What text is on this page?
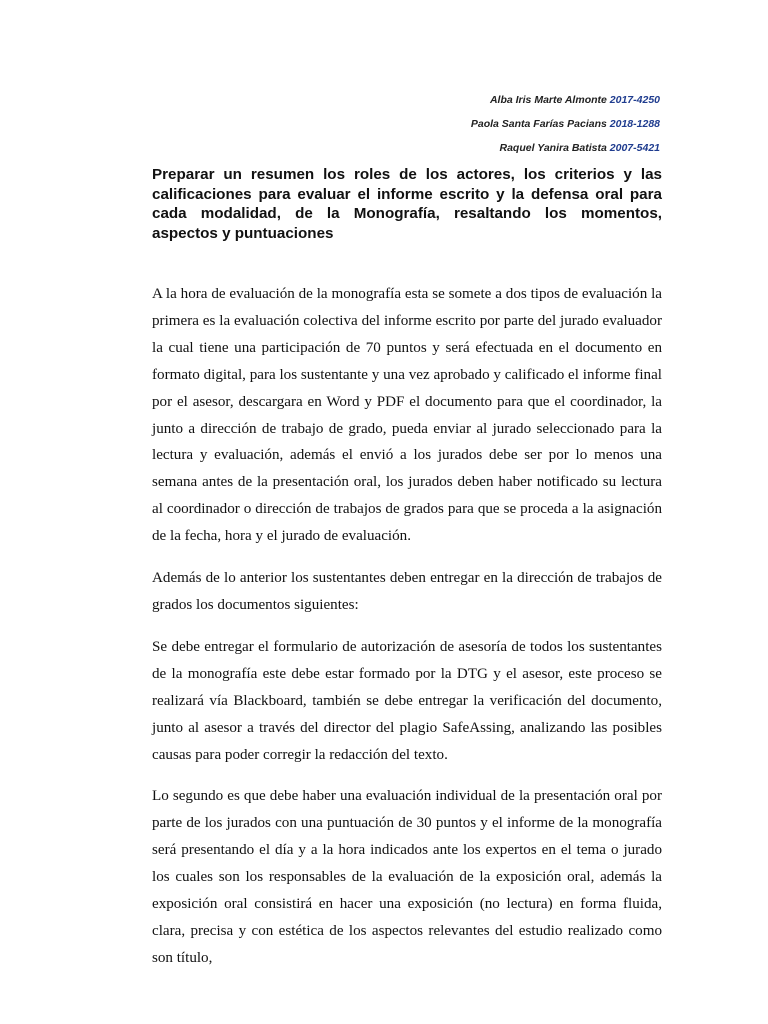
Alba Iris Marte Almonte 2017-4250
Paola Santa Farías Pacians 2018-1288
Raquel Yanira Batista 2007-5421
Preparar un resumen los roles de los actores, los criterios y las calificaciones para evaluar el informe escrito y la defensa oral para cada modalidad, de la Monografía, resaltando los momentos, aspectos y puntuaciones

A la hora de evaluación de la monografía esta se somete a dos tipos de evaluación la primera es la evaluación colectiva del informe escrito por parte del jurado evaluador la cual tiene una participación de 70 puntos y será efectuada en el documento en formato digital, para los sustentante y una vez aprobado y calificado el informe final por el asesor, descargara en Word y PDF el documento para que el coordinador, la junto a dirección de trabajo de grado, pueda enviar al jurado seleccionado para la lectura y evaluación, además el envió a los jurados debe ser por lo menos una semana antes de la presentación oral, los jurados deben haber notificado su lectura al coordinador o dirección de trabajos de grados para que se proceda a la asignación de la fecha, hora y el jurado de evaluación.

Además de lo anterior los sustentantes deben entregar en la dirección de trabajos de grados los documentos siguientes:

Se debe entregar el formulario de autorización de asesoría de todos los sustentantes de la monografía este debe estar formado por la DTG y el asesor, este proceso se realizará vía Blackboard, también se debe entregar la verificación del documento, junto al asesor a través del director del plagio SafeAssing, analizando las posibles causas para poder corregir la redacción del texto.

Lo segundo es que debe haber una evaluación individual de la presentación oral por parte de los jurados con una puntuación de 30 puntos y el informe de la monografía será presentando el día y a la hora indicados ante los expertos en el tema o jurado los cuales son los responsables de la evaluación de la exposición oral, además la exposición oral consistirá en hacer una exposición (no lectura) en forma fluida, clara, precisa y con estética de los aspectos relevantes del estudio realizado como son título,
